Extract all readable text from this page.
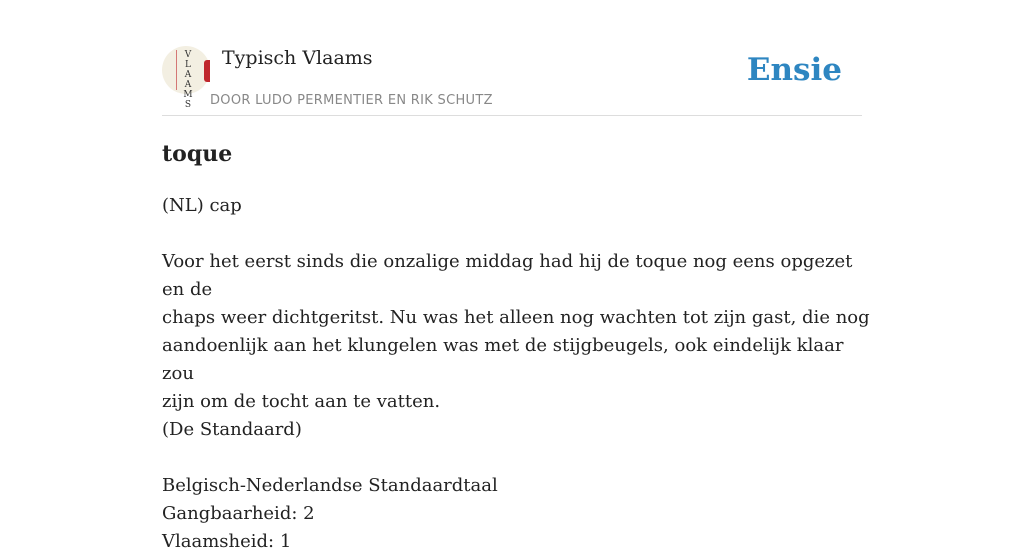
V
L
A
A
M
S
Typisch Vlaams
DOOR LUDO PERMENTIER EN RIK SCHUTZ
Ensie
toque
(NL) cap
Voor het eerst sinds die onzalige middag had hij de toque nog eens opgezet en de
chaps weer dichtgeritst. Nu was het alleen nog wachten tot zijn gast, die nog
aandoenlijk aan het klungelen was met de stijgbeugels, ook eindelijk klaar zou
zijn om de tocht aan te vatten.
(De Standaard)
Belgisch-Nederlandse Standaardtaal
Gangbaarheid: 2
Vlaamsheid: 1
